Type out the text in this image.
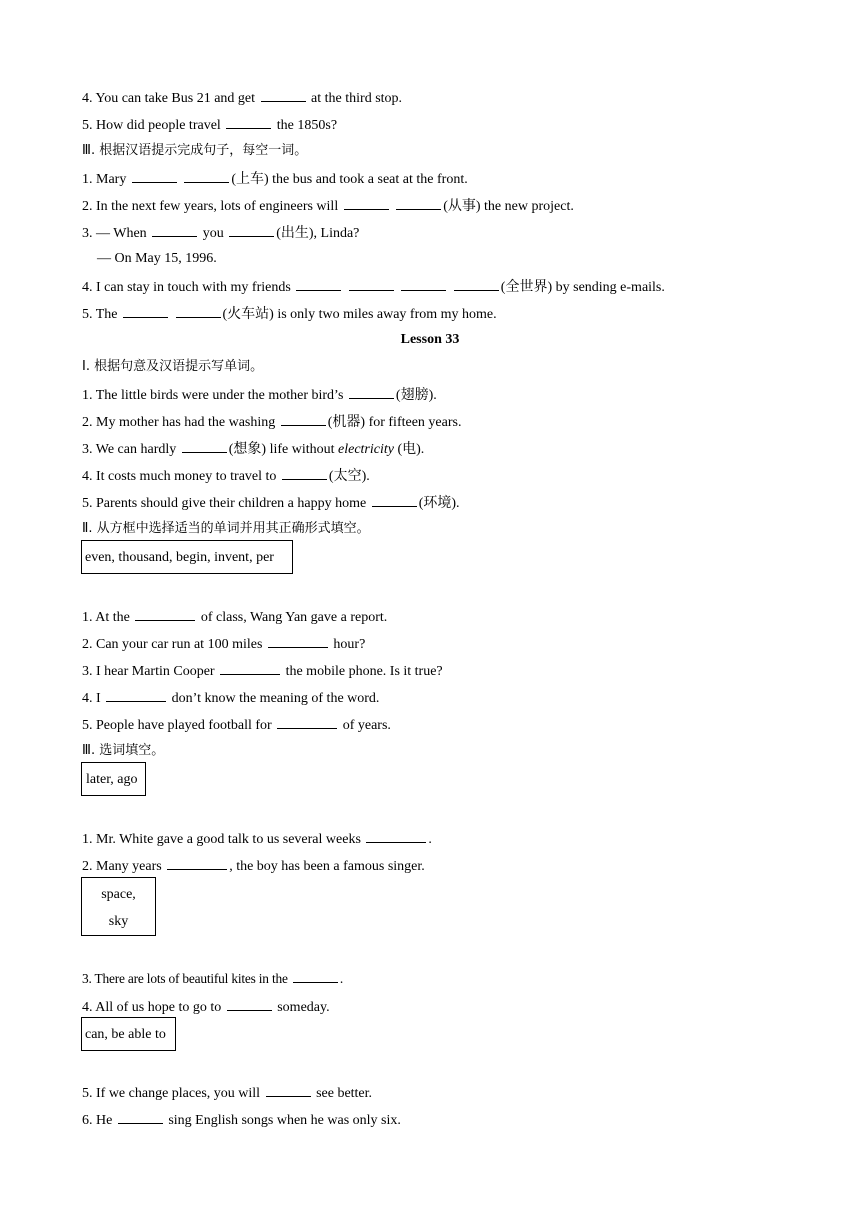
4. You can take Bus 21 and get	at the third stop.
5. How did people travel	the 1850s?
Ⅲ. 根据汉语提示完成句子，每空一词。
1. Mary	(上车) the bus and took a seat at the front.
2. In the next few years, lots of engineers will	(从事) the new project.
3. — When	you	(出生), Linda?
— On May 15, 1996.
4. I can stay in touch with my friends	(全世界) by sending e-mails.
5. The	(火车站) is only two miles away from my home.
Lesson 33
Ⅰ. 根据句意及汉语提示写单词。
1. The little birds were under the mother bird’s	(翅膀).
2. My mother has had the washing	(机器) for fifteen years.
3. We can hardly	(想象) life without electricity (电).
4. It costs much money to travel to	(太空).
5. Parents should give their children a happy home	(环境).
Ⅱ. 从方框中选择适当的单词并用其正确形式填空。
even, thousand, begin, invent, per
1. At the	of class, Wang Yan gave a report.
2. Can your car run at 100 miles	hour?
3. I hear Martin Cooper	the mobile phone. Is it true?
4. I	don’t know the meaning of the word.
5. People have played football for	of years.
Ⅲ. 选词填空。
later, ago
1. Mr. White gave a good talk to us several weeks	.
2. Many years	, the boy has been a famous singer.
space,
sky
3. There are lots of beautiful kites in the	.
4. All of us hope to go to	someday.
can, be able to
5. If we change places, you will	see better.
6. He	sing English songs when he was only six.
